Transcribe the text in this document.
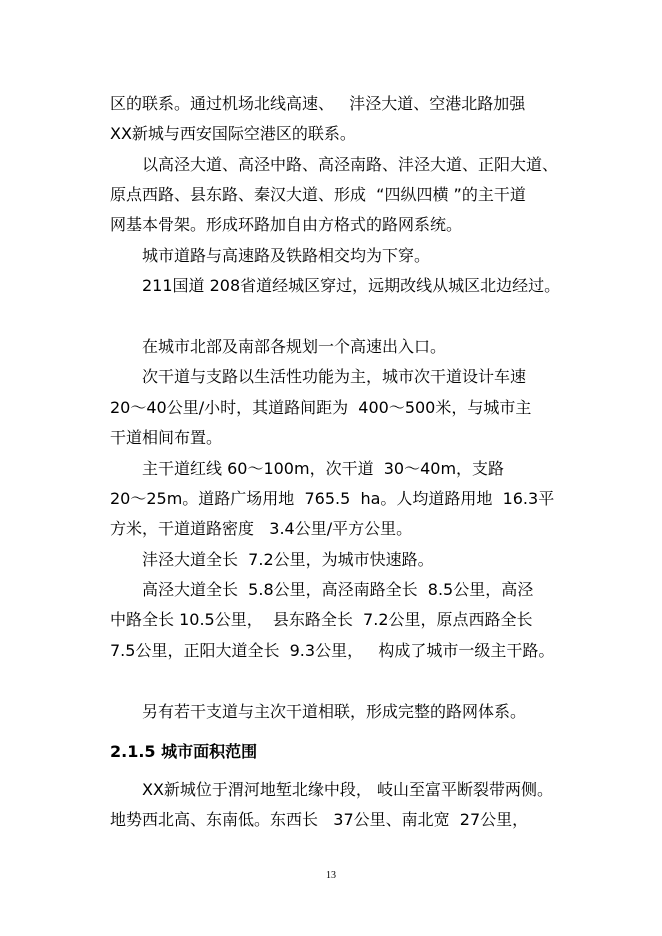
区的联系。通过机场北线高速、   沣泾大道、空港北路加强
XX新城与西安国际空港区的联系。
以高泾大道、高泾中路、高泾南路、沣泾大道、正阳大道、
原点西路、县东路、秦汉大道、形成  “四纵四横 ”的主干道
网基本骨架。形成环路加自由方格式的路网系统。
城市道路与高速路及铁路相交均为下穿。
211国道 208省道经城区穿过，远期改线从城区北边经过。
在城市北部及南部各规划一个高速出入口。
次干道与支路以生活性功能为主，城市次干道设计车速
20～40公里/小时，其道路间距为  400～500米，与城市主
干道相间布置。
主干道红线 60～100m，次干道  30～40m，支路
20～25m。道路广场用地  765.5  ha。人均道路用地  16.3平
方米，干道道路密度   3.4公里/平方公里。
沣泾大道全长  7.2公里，为城市快速路。
高泾大道全长  5.8公里，高泾南路全长  8.5公里，高泾
中路全长 10.5公里，  县东路全长  7.2公里，原点西路全长
7.5公里，正阳大道全长  9.3公里，   构成了城市一级主干路。
另有若干支道与主次干道相联，形成完整的路网体系。
2.1.5 城市面积范围
XX新城位于渭河地堑北缘中段， 岐山至富平断裂带两侧。
地势西北高、东南低。东西长   37公里、南北宽  27公里，
13
